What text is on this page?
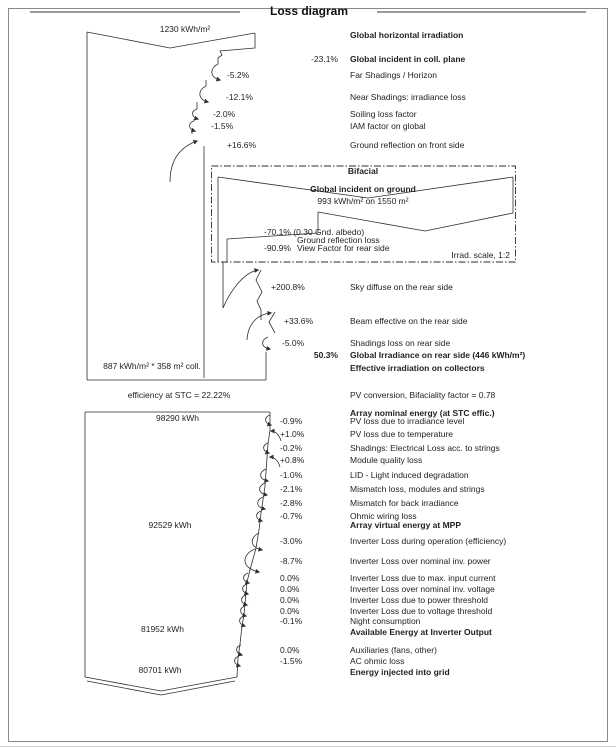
Loss diagram
1230 kWh/m²
Global horizontal irradiation
-23.1% Global incident in coll. plane
-5.2%	Far Shadings / Horizon
-12.1%	Near Shadings: irradiance loss
-2.0%	Soiling loss factor
-1.5%	IAM factor on global
+16.6%	Ground reflection on front side
Bifacial
Global incident on ground
993 kWh/m² on 1550 m²
-70.1% (0.30 Gnd. albedo)
Ground reflection loss
-90.9% View Factor for rear side
Irrad. scale, 1:2
+200.8%	Sky diffuse on the rear side
+33.6%	Beam effective on the rear side
-5.0%	Shadings loss on rear side
50.3% Global Irradiance on rear side (446 kWh/m²)
887 kWh/m² * 358 m² coll.	Effective irradiation on collectors
efficiency at STC = 22.22%	PV conversion, Bifaciality factor = 0.78
98290 kWh	Array nominal energy (at STC effic.)
-0.9%	PV loss due to irradiance level
+1.0%	PV loss due to temperature
-0.2%	Shadings: Electrical Loss acc. to strings
+0.8%	Module quality loss
-1.0%	LID - Light induced degradation
-2.1%	Mismatch loss, modules and strings
-2.8%	Mismatch for back irradiance
-0.7%	Ohmic wiring loss
92529 kWh	Array virtual energy at MPP
-3.0%	Inverter Loss during operation (efficiency)
-8.7%	Inverter Loss over nominal inv. power
0.0%	Inverter Loss due to max. input current
0.0%	Inverter Loss over nominal inv. voltage
0.0%	Inverter Loss due to power threshold
0.0%	Inverter Loss due to voltage threshold
-0.1%	Night consumption
81952 kWh	Available Energy at Inverter Output
0.0%	Auxiliaries (fans, other)
-1.5%	AC ohmic loss
80701 kWh	Energy injected into grid
